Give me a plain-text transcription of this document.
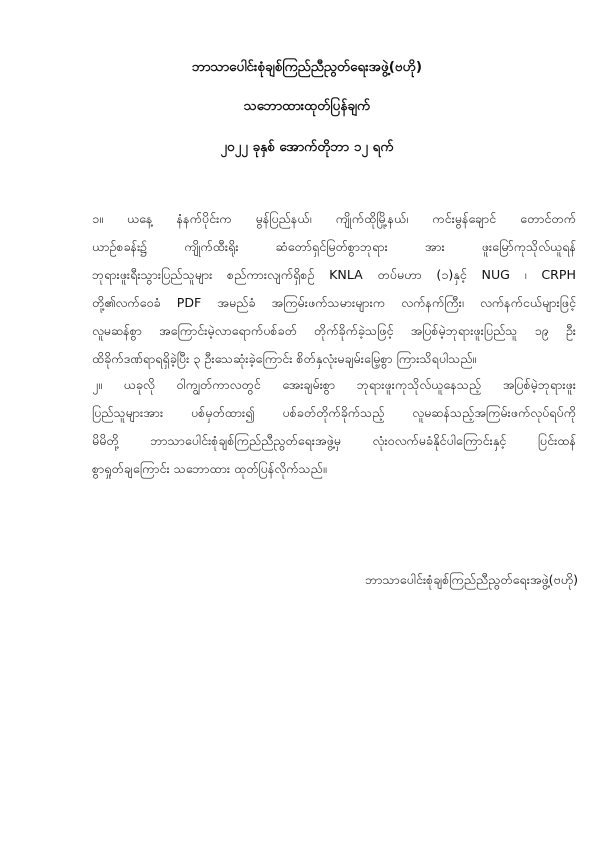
ဘာသာပေါင်းစုံချစ်ကြည်ညီညွတ်ရေးအဖွဲ့(ဗဟို)
သဘောထားထုတ်ပြန်ချက်
၂၀၂၂ ခုနှစ် အောက်တိုဘာ ၁၂ ရက်
၁။ ယနေ့ နံနက်ပိုင်းက မွန်ပြည်နယ်၊ ကျိုက်ထိုမြို့နယ်၊ ကင်းမွန်ချောင် တောင်တက်
ယာဉ်စခန်း၌ ကျိုက်ထီးရိုး ဆံတော်ရှင်မြတ်စွာဘုရား အား ဖူးမြော်ကုသိုလ်ယူရန်
ဘုရားဖူးရီးသွားပြည်သူများ စည်ကားလျက်ရှိစဉ် KNLA တပ်မဟာ (၁)နှင့် NUG ၊ CRPH
တို့၏လက်ဝေခံ PDF အမည်ခံ အကြမ်းဖက်သမားများက လက်နက်ကြီး၊ လက်နက်ငယ်များဖြင့်
လူမဆန်စွာ အကြောင်းမဲ့လာရောက်ပစ်ခတ် တိုက်ခိုက်ခဲ့သဖြင့် အပြစ်မဲ့ဘုရားဖူးပြည်သူ ၁၉ ဦး
ထိခိုက်ဒဏ်ရာရရှိခဲ့ပြီး ၃ ဦးသေဆုံးခဲ့ကြောင်း စိတ်နှလုံးမချမ်းမြေ့စွာ ကြားသိရပါသည်။
၂။ ယခုလို ဝါကျွတ်ကာလတွင် အေးချမ်းစွာ ဘုရားဖူးကုသိုလ်ယူနေသည့် အပြစ်မဲ့ဘုရားဖူး
ပြည်သူများအား ပစ်မှတ်ထား၍ ပစ်ခတ်တိုက်ခိုက်သည့် လူမဆန်သည့်အကြမ်းဖက်လုပ်ရပ်ကို
မိမိတို့ ဘာသာပေါင်းစုံချစ်ကြည်ညီညွတ်ရေးအဖွဲ့မှ လုံးဝလက်မခံနိုင်ပါကြောင်းနှင့် ပြင်းထန်
စွာရှုတ်ချကြောင်း သဘောထား ထုတ်ပြန်လိုက်သည်။
ဘာသာပေါင်းစုံချစ်ကြည်ညီညွတ်ရေးအဖွဲ့(ဗဟို)
